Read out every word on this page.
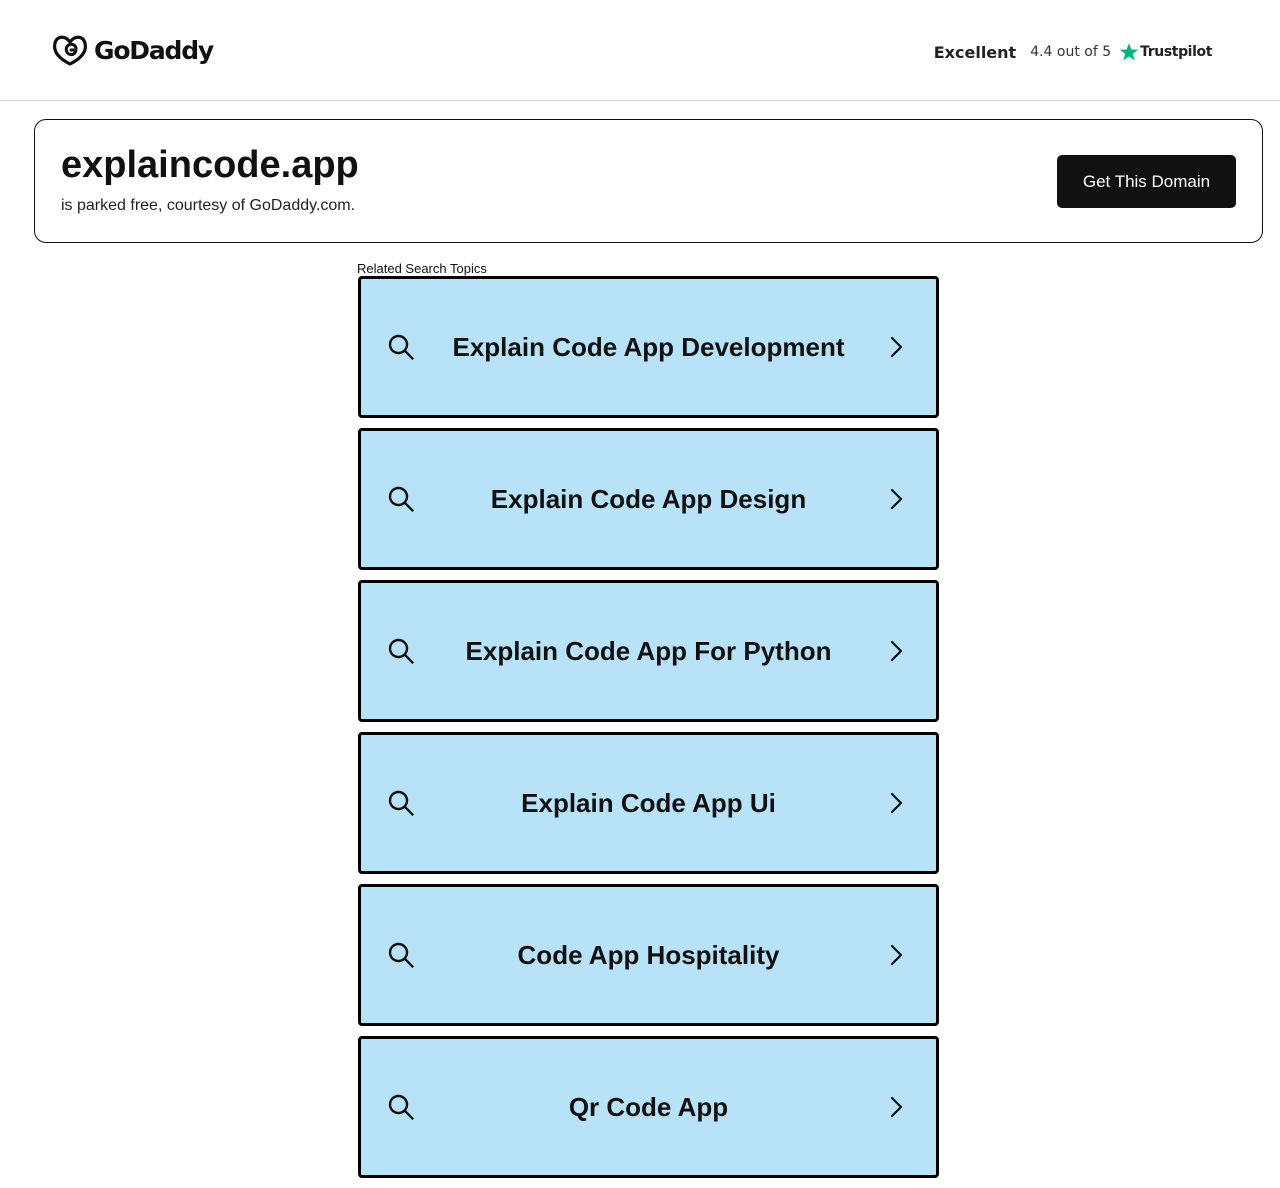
GoDaddy	Excellent 4.4 out of 5 Trustpilot
explaincode.app
is parked free, courtesy of GoDaddy.com.
Get This Domain
Related Search Topics
Explain Code App Development
Explain Code App Design
Explain Code App For Python
Explain Code App Ui
Code App Hospitality
Qr Code App
